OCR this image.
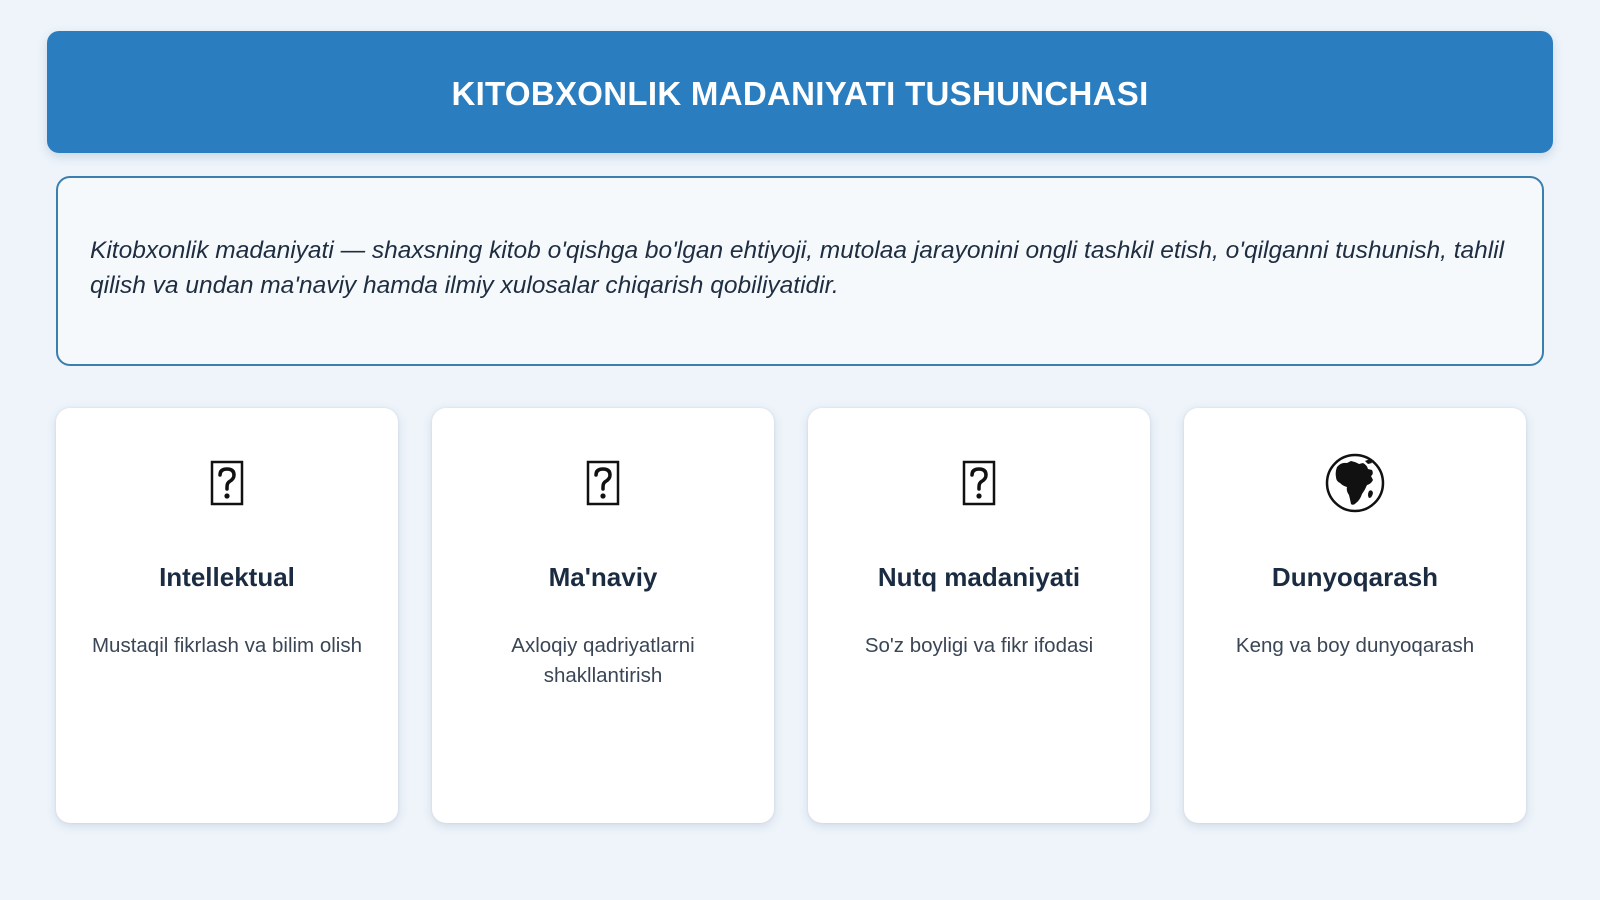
KITOBXONLIK MADANIYATI TUSHUNCHASI
Kitobxonlik madaniyati — shaxsning kitob o'qishga bo'lgan ehtiyoji, mutolaa jarayonini ongli tashkil etish, o'qilganni tushunish, tahlil qilish va undan ma'naviy hamda ilmiy xulosalar chiqarish qobiliyatidir.
Intellektual
Mustaqil fikrlash va bilim olish
Ma'naviy
Axloqiy qadriyatlarni shakllantirish
Nutq madaniyati
So'z boyligi va fikr ifodasi
Dunyoqarash
Keng va boy dunyoqarash
